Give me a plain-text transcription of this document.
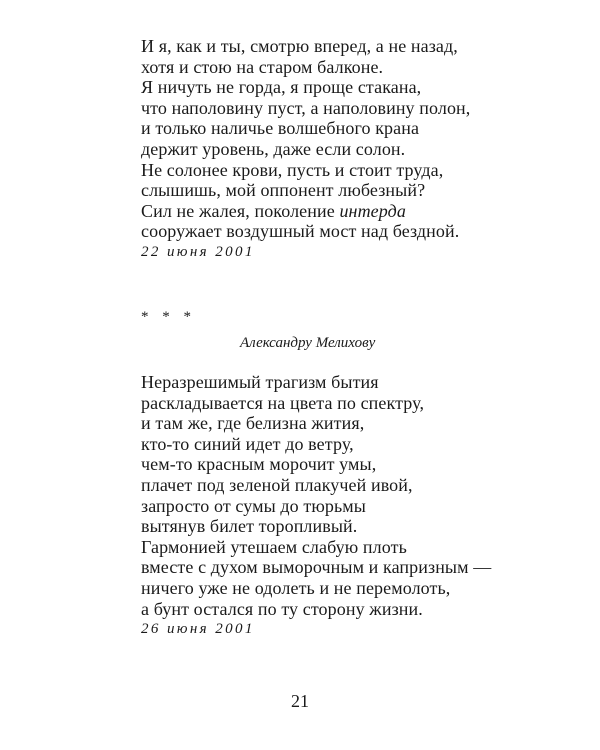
И я, как и ты, смотрю вперед, а не назад,
хотя и стою на старом балконе.
Я ничуть не горда, я проще стакана,
что наполовину пуст, а наполовину полон,
и только наличье волшебного крана
держит уровень, даже если солон.
Не солонее крови, пусть и стоит труда,
слышишь, мой оппонент любезный?
Сил не жалея, поколение интерда
сооружает воздушный мост над бездной.
22 июня 2001
* * *
Александру Мелихову
Неразрешимый трагизм бытия
раскладывается на цвета по спектру,
и там же, где белизна жития,
кто-то синий идет до ветру,
чем-то красным морочит умы,
плачет под зеленой плакучей ивой,
запросто от сумы до тюрьмы
вытянув билет торопливый.
Гармонией утешаем слабую плоть
вместе с духом выморочным и капризным —
ничего уже не одолеть и не перемолоть,
а бунт остался по ту сторону жизни.
26 июня 2001
21
